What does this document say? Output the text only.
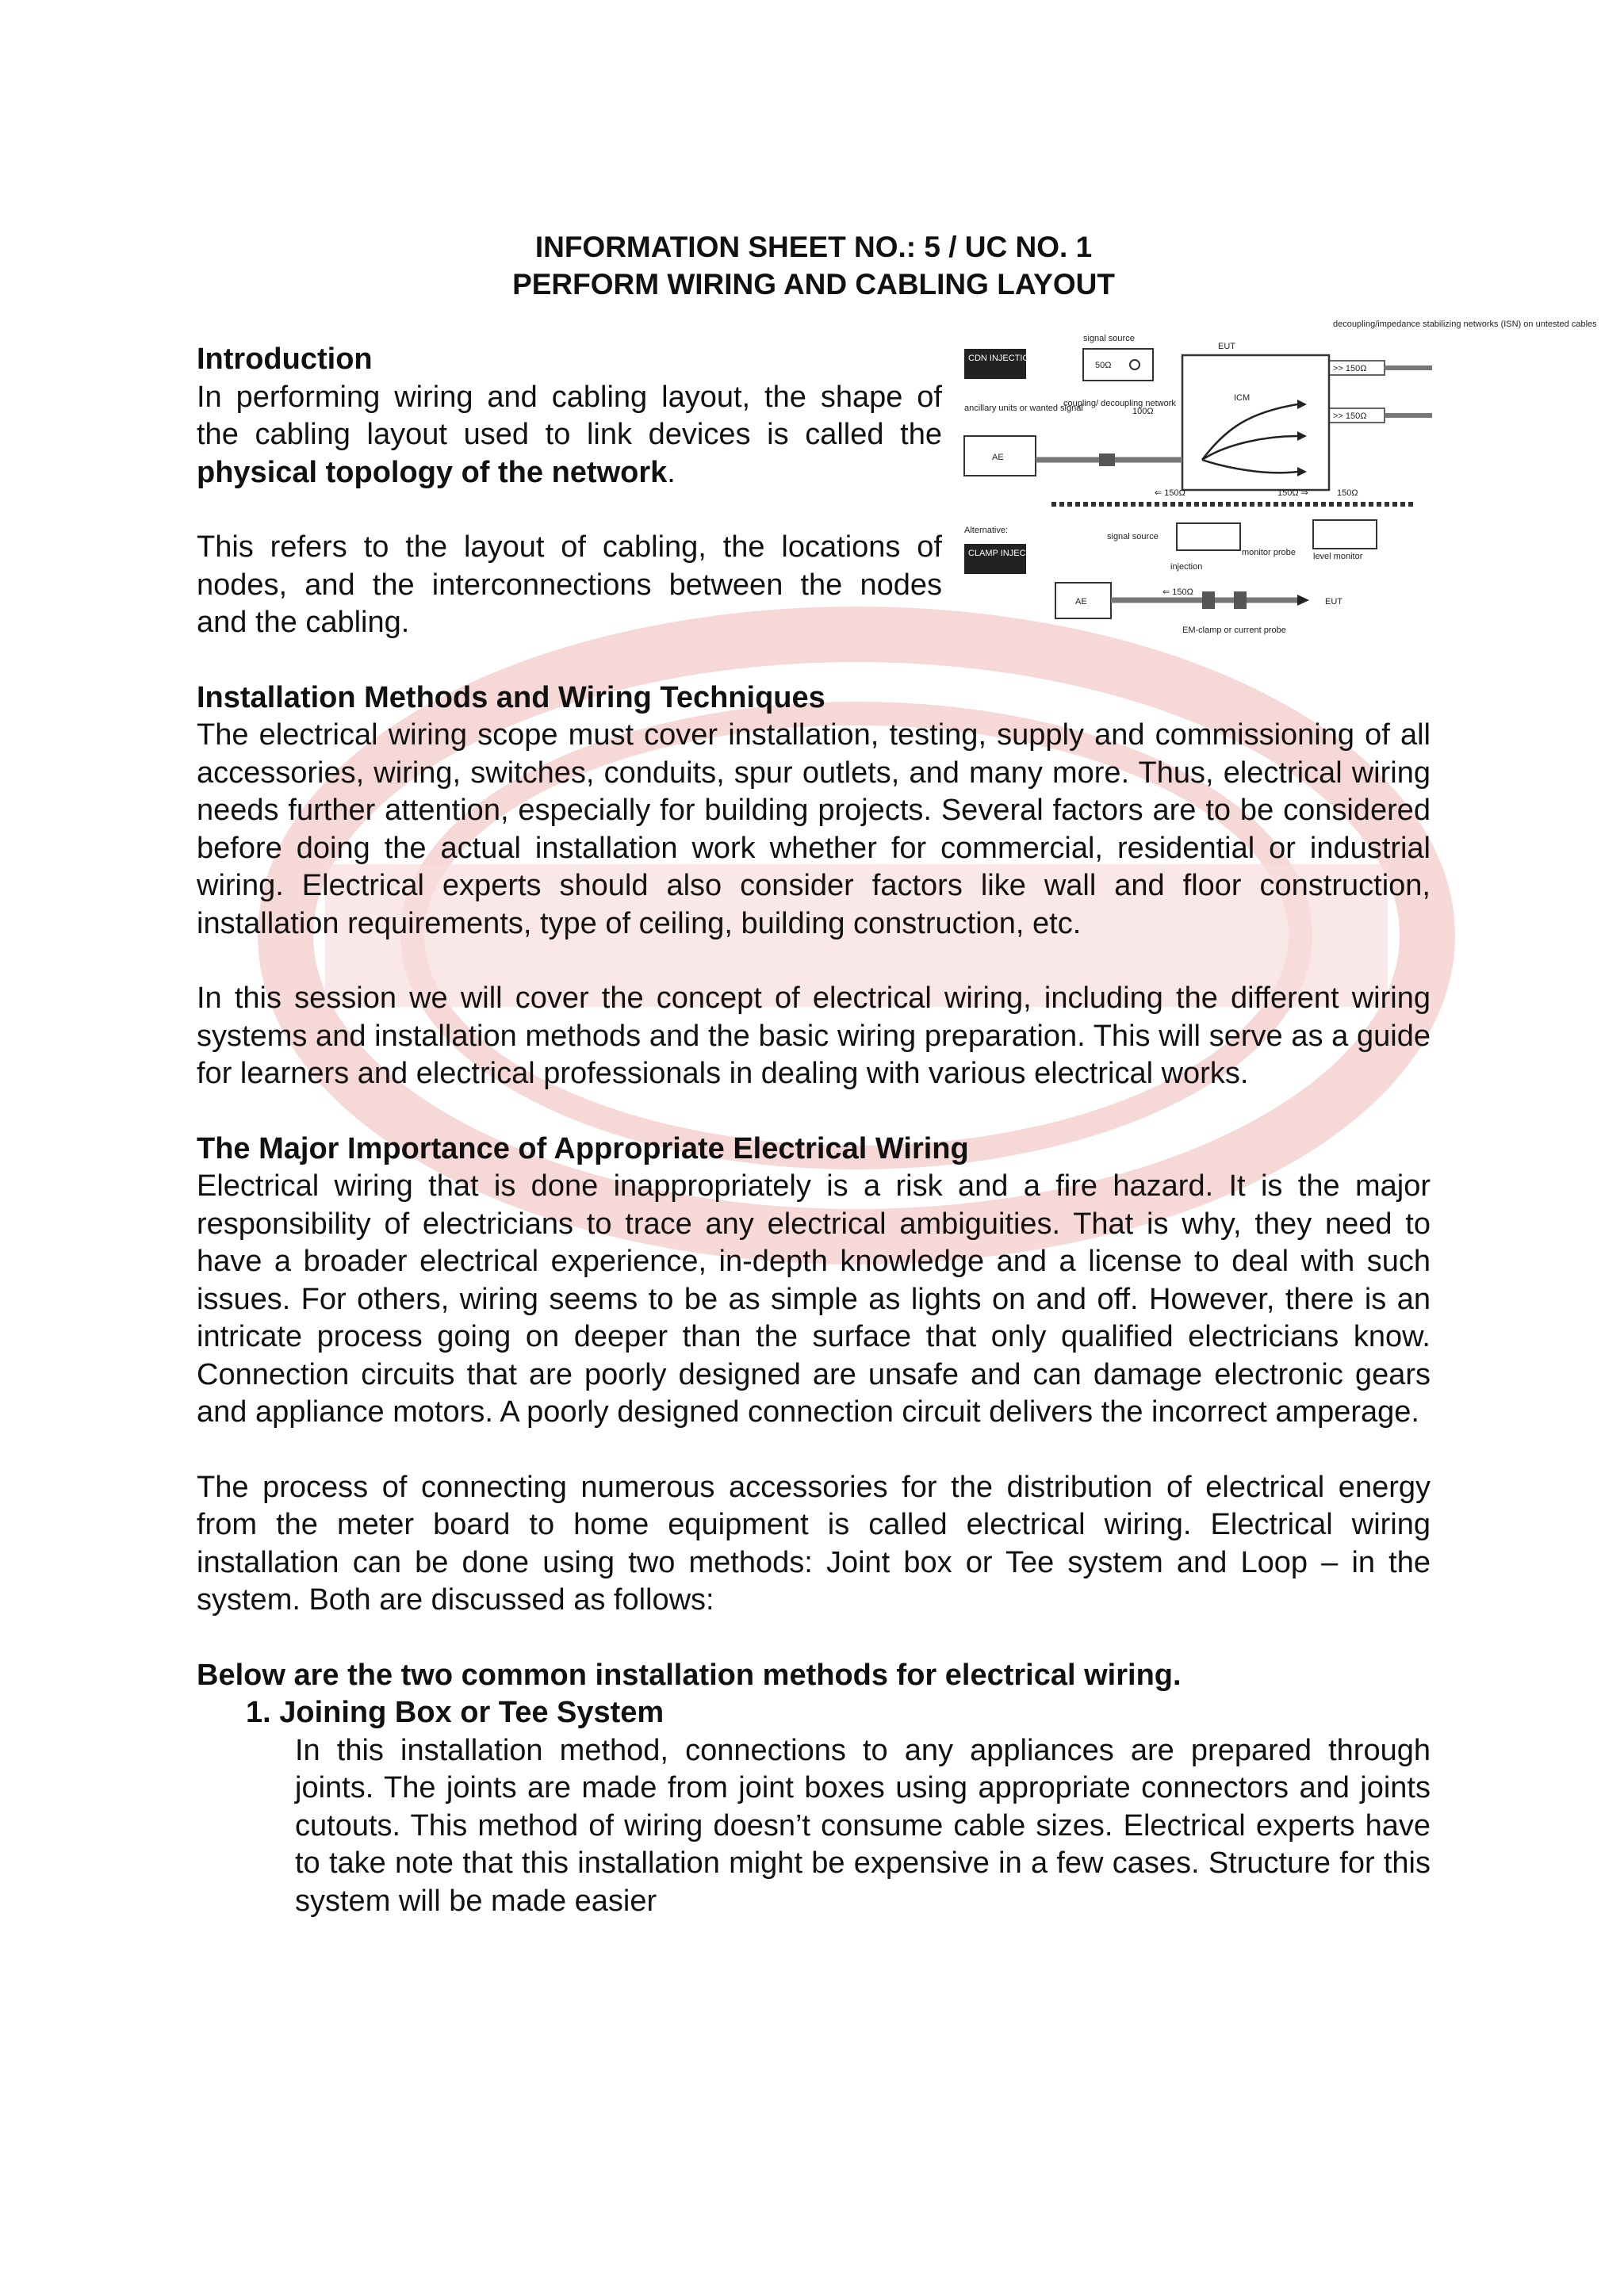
INFORMATION SHEET NO.: 5 / UC NO. 1
PERFORM WIRING AND CABLING LAYOUT
Introduction

In performing wiring and cabling layout, the shape of the cabling layout used to link devices is called the physical topology of the network.

This refers to the layout of cabling, the locations of nodes, and the interconnections between the nodes and the cabling.

CDN INJECTION
signal source
50Ω
EUT
ICM
decoupling/impedance stabilizing networks (ISN) on untested cables
>> 150Ω
>> 150Ω
ancillary units or wanted signal
AE
coupling/ decoupling network
100Ω
⇐ 150Ω	150Ω ⇒	150Ω
Alternative:
CLAMP INJECTION
signal source
level monitor
injection
monitor probe
AE
⇐ 150Ω
EUT
EM-clamp or current probe
Installation Methods and Wiring Techniques

The electrical wiring scope must cover installation, testing, supply and commissioning of all accessories, wiring, switches, conduits, spur outlets, and many more. Thus, electrical wiring needs further attention, especially for building projects. Several factors are to be considered before doing the actual installation work whether for commercial, residential or industrial wiring. Electrical experts should also consider factors like wall and floor construction, installation requirements, type of ceiling, building construction, etc.

In this session we will cover the concept of electrical wiring, including the different wiring systems and installation methods and the basic wiring preparation. This will serve as a guide for learners and electrical professionals in dealing with various electrical works.

The Major Importance of Appropriate Electrical Wiring

Electrical wiring that is done inappropriately is a risk and a fire hazard. It is the major responsibility of electricians to trace any electrical ambiguities. That is why, they need to have a broader electrical experience, in-depth knowledge and a license to deal with such issues. For others, wiring seems to be as simple as lights on and off. However, there is an intricate process going on deeper than the surface that only qualified electricians know. Connection circuits that are poorly designed are unsafe and can damage electronic gears and appliance motors. A poorly designed connection circuit delivers the incorrect amperage.

The process of connecting numerous accessories for the distribution of electrical energy from the meter board to home equipment is called electrical wiring. Electrical wiring installation can be done using two methods: Joint box or Tee system and Loop – in the system. Both are discussed as follows:

Below are the two common installation methods for electrical wiring.
1. Joining Box or Tee System
In this installation method, connections to any appliances are prepared through joints. The joints are made from joint boxes using appropriate connectors and joints cutouts. This method of wiring doesn’t consume cable sizes. Electrical experts have to take note that this installation might be expensive in a few cases. Structure for this system will be made easier
